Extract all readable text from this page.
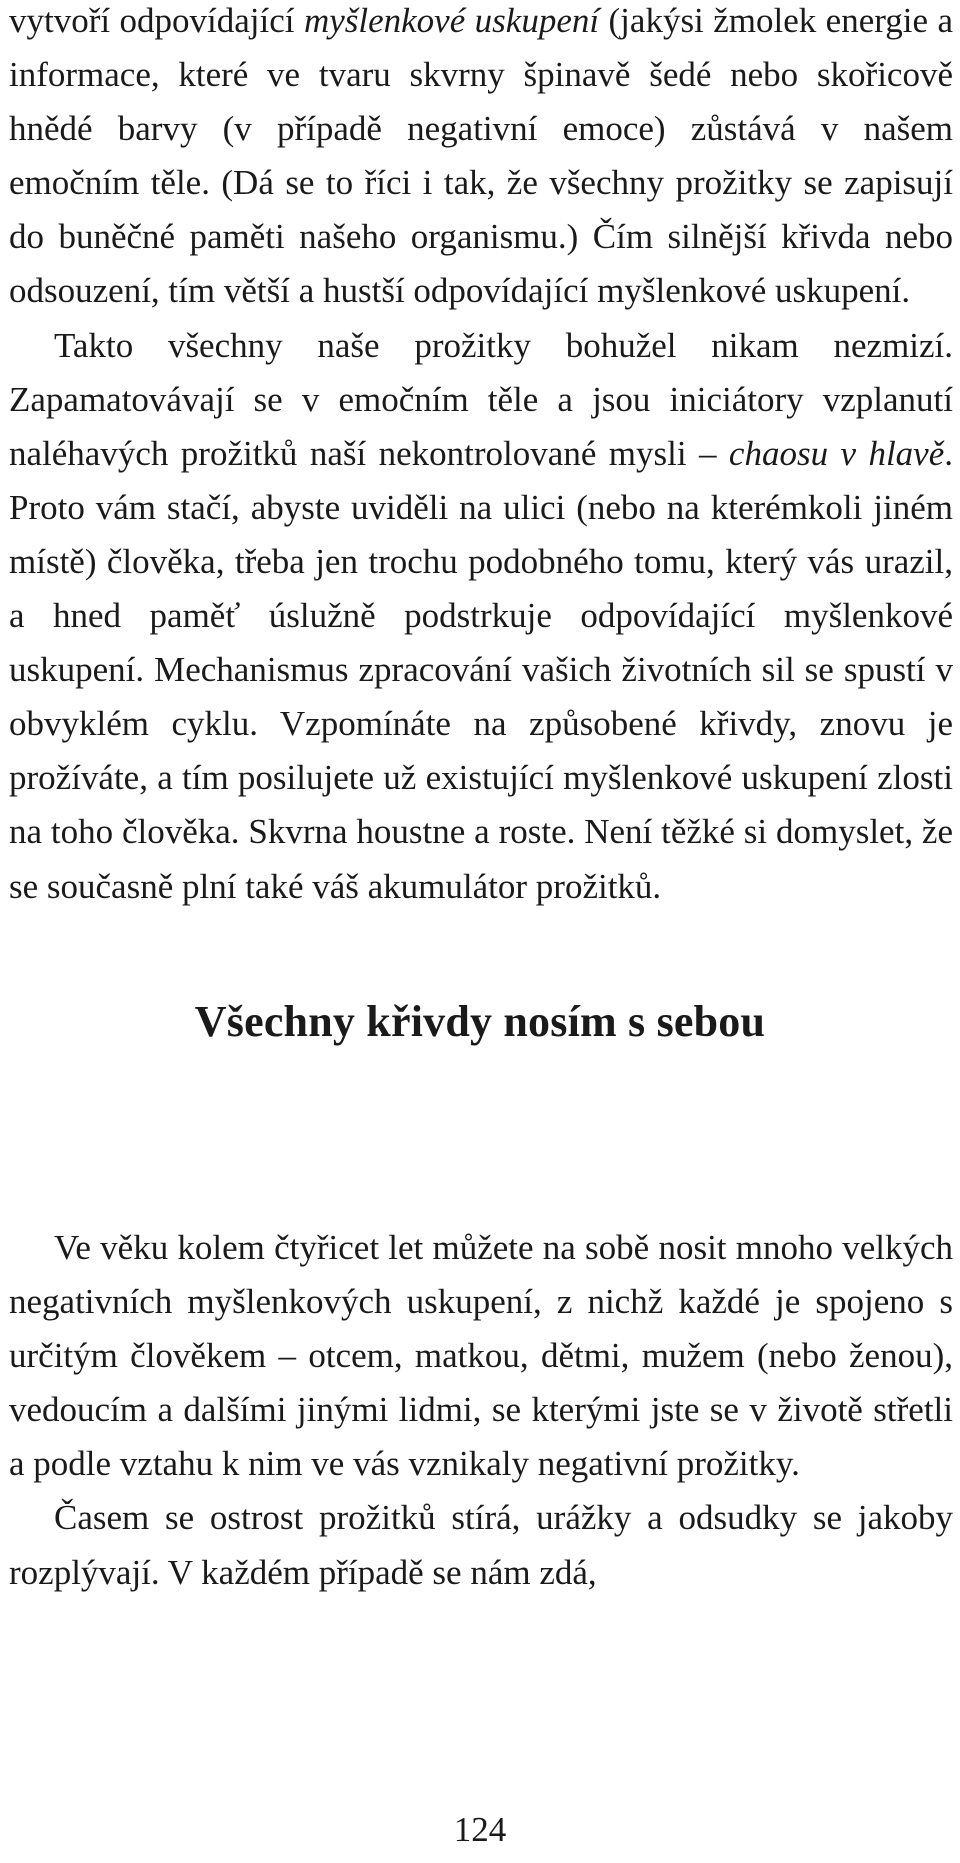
vytvoří odpovídající myšlenkové uskupení (jakýsi žmolek energie a informace, které ve tvaru skvrny špinavě šedé nebo skořicově hnědé barvy (v případě negativní emoce) zůstává v našem emočním těle. (Dá se to říci i tak, že všechny prožitky se zapisují do buněčné paměti našeho organismu.) Čím silnější křivda nebo odsouzení, tím větší a hustší odpovídající myšlenkové uskupení.

Takto všechny naše prožitky bohužel nikam nezmizí. Zapamatovávají se v emočním těle a jsou iniciátory vzplanutí naléhavých prožitků naší nekontrolované mysli – chaosu v hlavě. Proto vám stačí, abyste uviděli na ulici (nebo na kterémkoli jiném místě) člověka, třeba jen trochu podobného tomu, který vás urazil, a hned paměť úslužně podstrkuje odpovídající myšlenkové uskupení. Mechanismus zpracování vašich životních sil se spustí v obvyklém cyklu. Vzpomínáte na způsobené křivdy, znovu je prožíváte, a tím posilujete už existující myšlenkové uskupení zlosti na toho člověka. Skvrna houstne a roste. Není těžké si domyslet, že se současně plní také váš akumulátor prožitků.

Všechny křivdy nosím s sebou

Ve věku kolem čtyřicet let můžete na sobě nosit mnoho velkých negativních myšlenkových uskupení, z nichž každé je spojeno s určitým člověkem – otcem, matkou, dětmi, mužem (nebo ženou), vedoucím a dalšími jinými lidmi, se kterými jste se v životě střetli a podle vztahu k nim ve vás vznikaly negativní prožitky.

Časem se ostrost prožitků stírá, urážky a odsudky se jakoby rozplývají. V každém případě se nám zdá,

124
